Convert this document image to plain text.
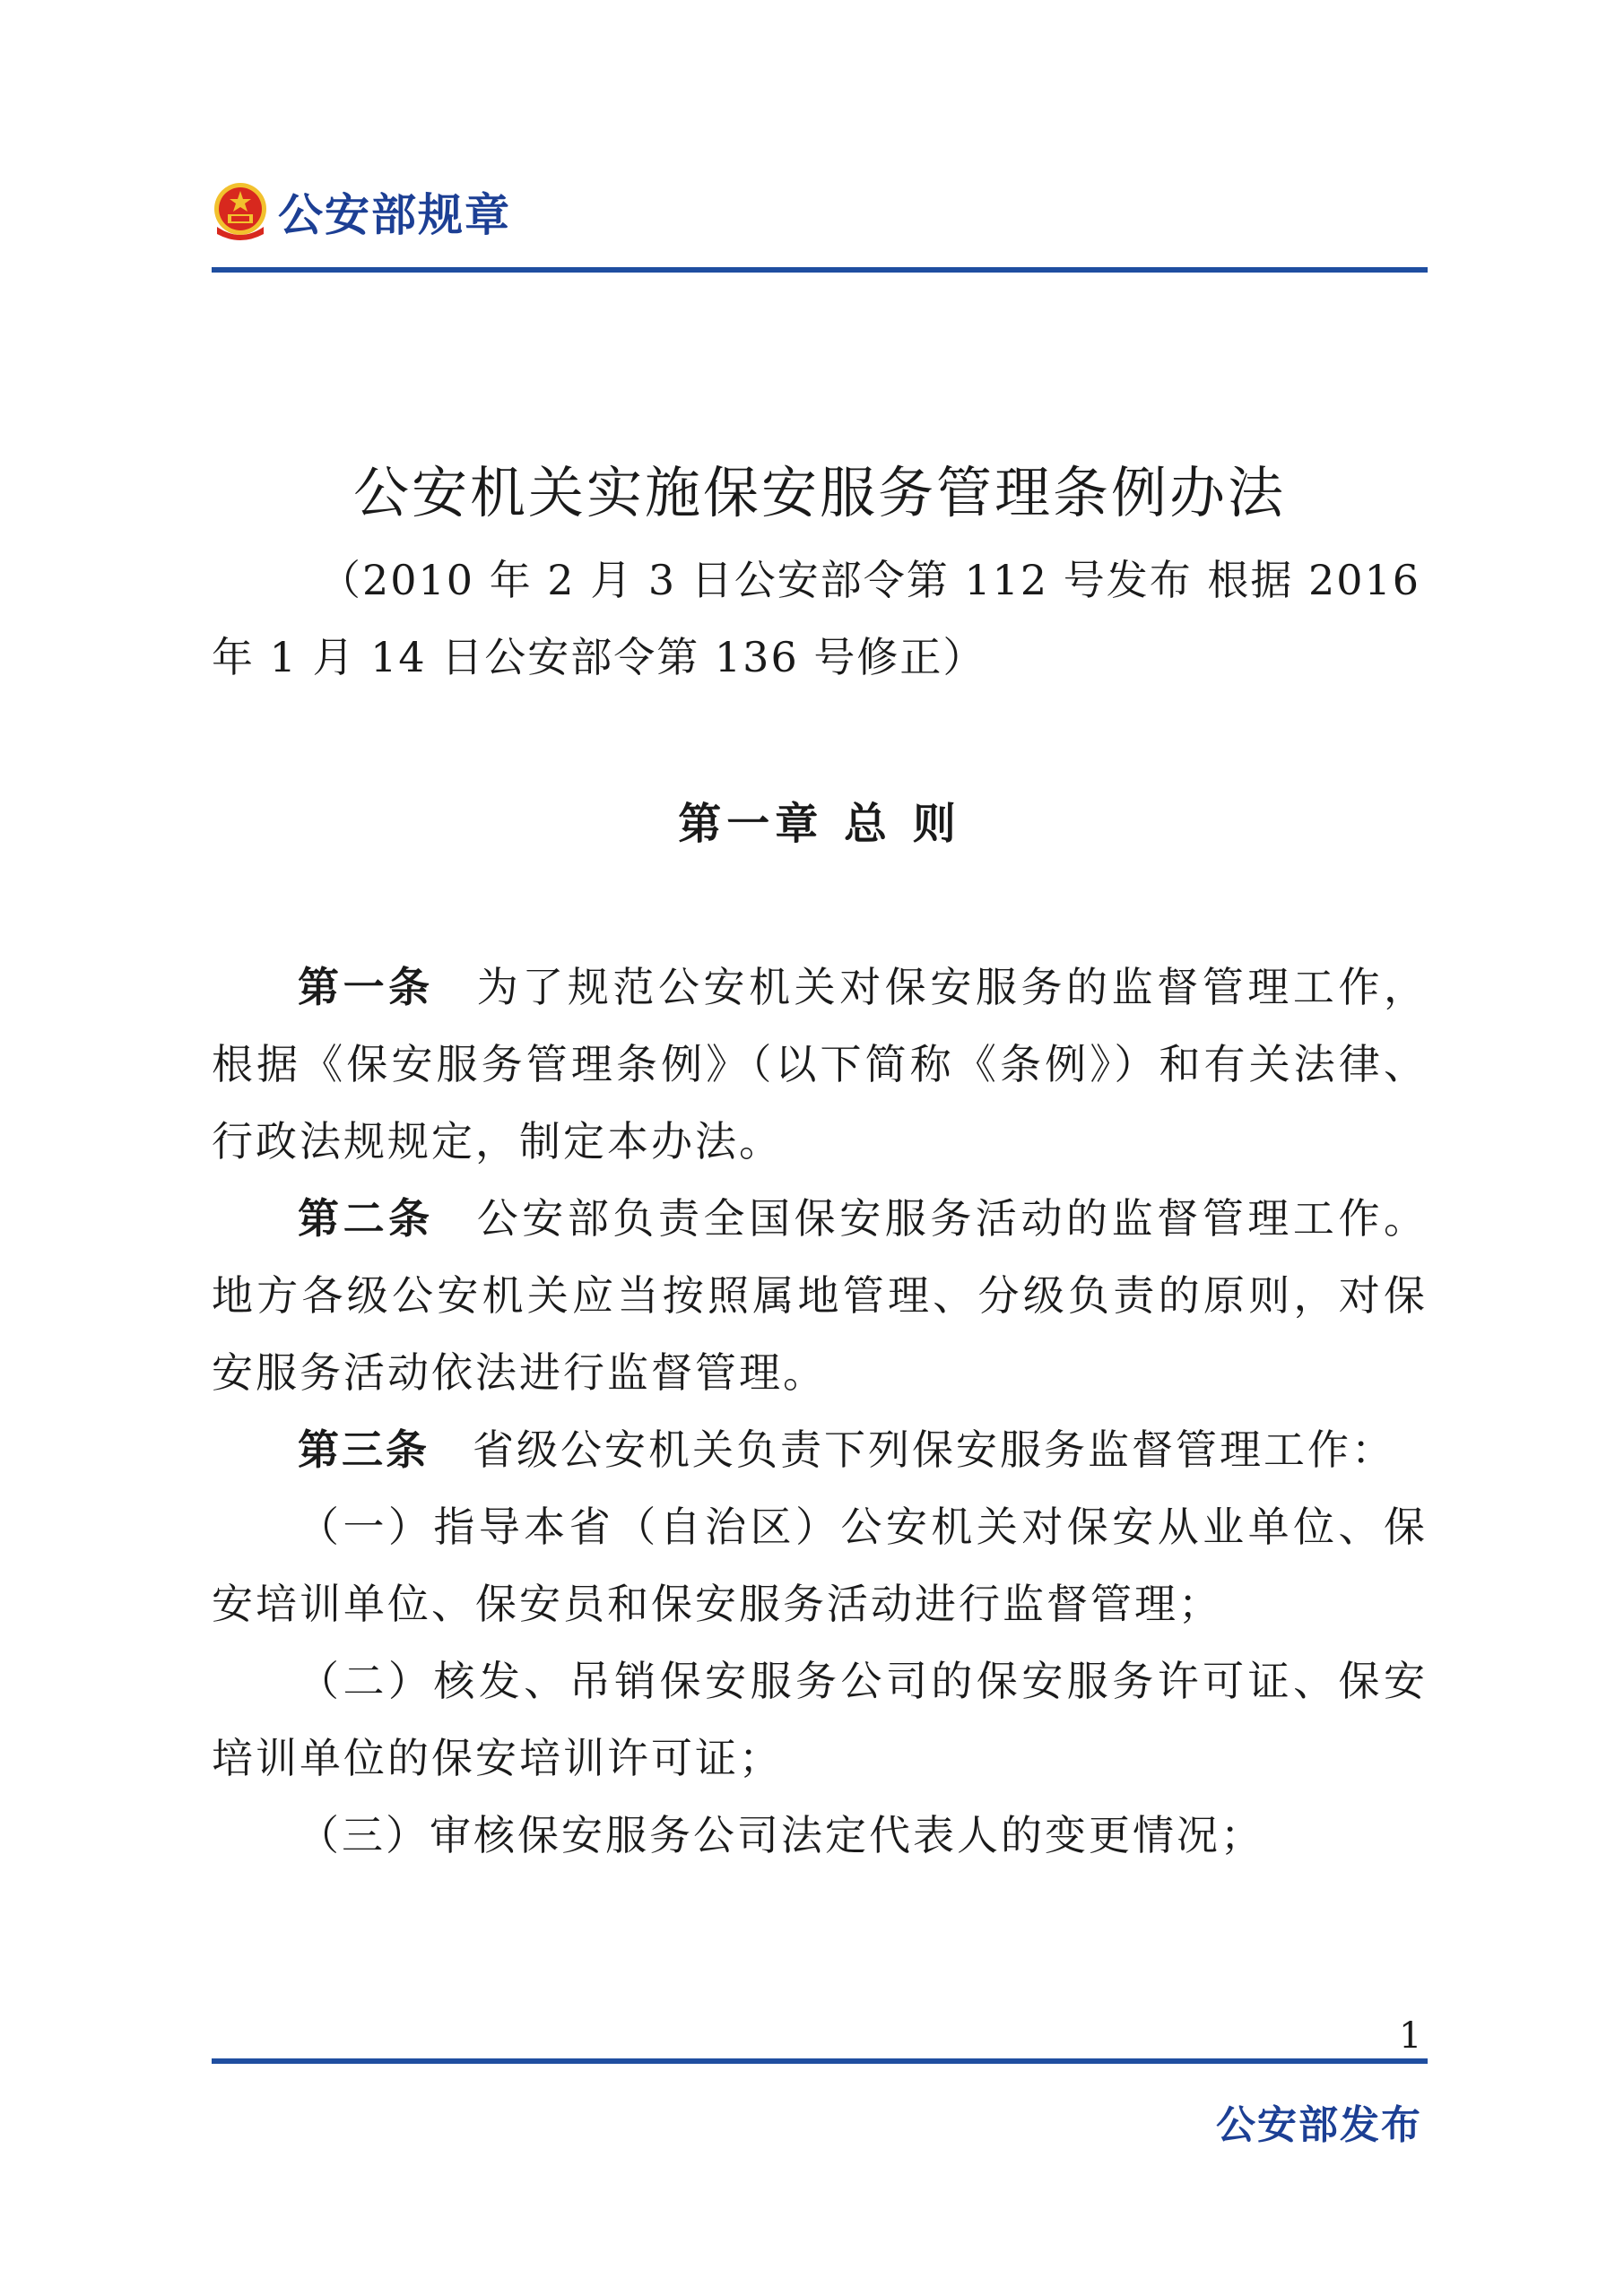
公安部规章
公安机关实施保安服务管理条例办法
（2010 年 2 月 3 日公安部令第 112 号发布 根据 2016 年 1 月 14 日公安部令第 136 号修正）
第一章 总 则

第一条 为了规范公安机关对保安服务的监督管理工作，根据《保安服务管理条例》（以下简称《条例》）和有关法律、行政法规规定，制定本办法。

第二条 公安部负责全国保安服务活动的监督管理工作。地方各级公安机关应当按照属地管理、分级负责的原则，对保安服务活动依法进行监督管理。

第三条 省级公安机关负责下列保安服务监督管理工作：

（一）指导本省（自治区）公安机关对保安从业单位、保安培训单位、保安员和保安服务活动进行监督管理；

（二）核发、吊销保安服务公司的保安服务许可证、保安培训单位的保安培训许可证；

（三）审核保安服务公司法定代表人的变更情况；

1
公安部发布
